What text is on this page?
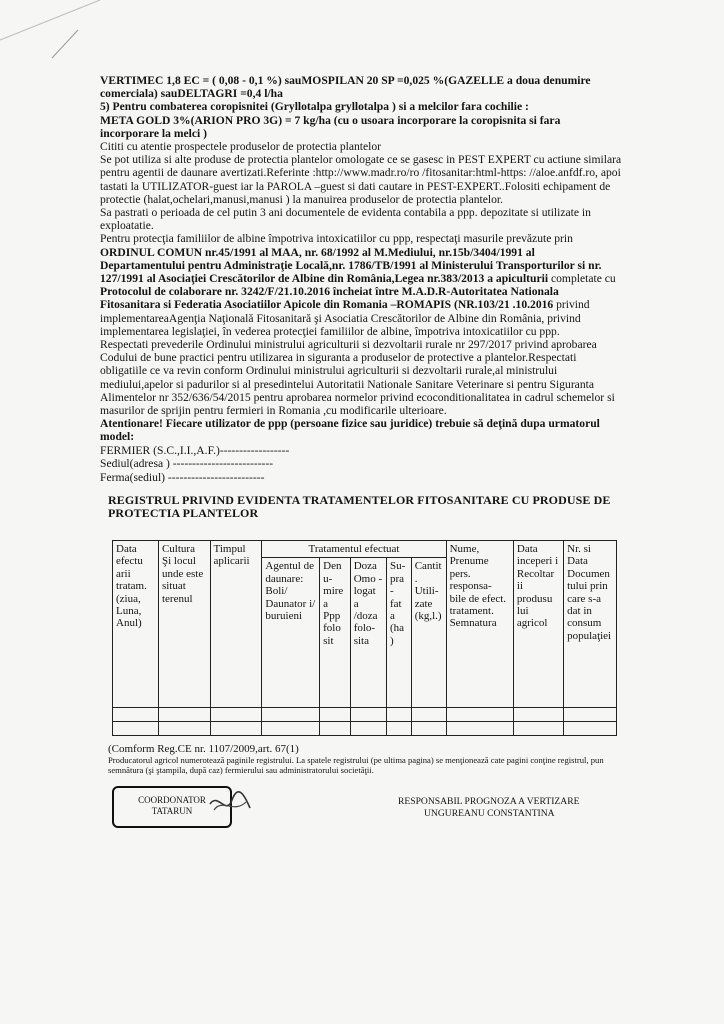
VERTIMEC 1,8 EC = ( 0,08 - 0,1 %) sauMOSPILAN 20 SP =0,025 %(GAZELLE a doua denumire comerciala) sauDELTAGRI =0,4 l/ha

5) Pentru combaterea coropisnitei (Gryllotalpa gryllotalpa ) si a melcilor fara cochilie :

META GOLD 3%(ARION PRO 3G) = 7 kg/ha (cu o usoara incorporare la coropisnita si fara incorporare la melci )

Cititi cu atentie prospectele produselor de protectia plantelor

Se pot utiliza si alte produse de protectia plantelor omologate ce se gasesc in PEST EXPERT cu actiune similara pentru agentii de daunare avertizati.Referinte :http://www.madr.ro/ro /fitosanitar:html-https: //aloe.anfdf.ro, apoi tastati la UTILIZATOR-guest iar la PAROLA –guest si dati cautare in PEST-EXPERT..Folositi echipament de protectie (halat,ochelari,manusi,manusi ) la manuirea produselor de protectia plantelor.

Sa pastrati o perioada de cel putin 3 ani documentele de evidenta contabila a ppp. depozitate si utilizate in exploatatie.

Pentru protecţia familiilor de albine împotriva intoxicatiilor cu ppp, respectaţi masurile prevăzute prin ORDINUL COMUN nr.45/1991 al MAA, nr. 68/1992 al M.Mediului, nr.15b/3404/1991 al Departamentului pentru Administraţie Locală,nr. 1786/TB/1991 al Ministerului Transporturilor si nr. 127/1991 al Asociaţiei Crescătorilor de Albine din România,Legea nr.383/2013 a apiculturii completate cu Protocolul de colaborare nr. 3242/F/21.10.2016 încheiat între M.A.D.R-Autoritatea Nationala Fitosanitara si Federatia Asociatiilor Apicole din Romania –ROMAPIS (NR.103/21 .10.2016 privind implementareaAgenţia Naţională Fitosanitară şi Asociatia Crescătorilor de Albine din România, privind implementarea legislaţiei, în vederea protecţiei familiilor de albine, împotriva intoxicatiilor cu ppp.

Respectati prevederile Ordinului ministrului agriculturii si dezvoltarii rurale nr 297/2017 privind aprobarea Codului de bune practici pentru utilizarea in siguranta a produselor de protective a plantelor.Respectati obligatiile ce va revin conform Ordinului ministrului agriculturii si dezvoltarii rurale,al ministrului mediului,apelor si padurilor si al presedintelui Autoritatii Nationale Sanitare Veterinare si pentru Siguranta Alimentelor nr 352/636/54/2015 pentru aprobarea normelor privind ecoconditionalitatea in cadrul schemelor si masurilor de sprijin pentru fermieri in Romania ,cu modificarile ulterioare.

Atentionare! Fiecare utilizator de ppp (persoane fizice sau juridice) trebuie să deţină dupa urmatorul model:

FERMIER (S.C.,I.I.,A.F.)------------------

Sediul(adresa ) --------------------------

Ferma(sediul) -------------------------

REGISTRUL PRIVIND EVIDENTA TRATAMENTELOR FITOSANITARE CU PRODUSE DE PROTECTIA PLANTELOR

Data efectu arii tratam. (ziua, Luna, Anul)	Cultura Şi locul unde este situat terenul	Timpul aplicarii	Tratamentul efectuat					Nume, Prenume pers. responsa- bile de efect. tratament. Semnatura	Data inceperi i Recoltar ii produsu lui agricol	Nr. si Data Documen tului prin care s-a dat in consum populaţiei
			Agentul de daunare: Boli/ Daunator i/ buruieni	Den u- mire a Ppp folo sit	Doza Omo - logat a /doza folo- sita	Su- pra - fat a (ha )	Cantit . Utili- zate (kg,l.)			

(Comform Reg.CE nr. 1107/2009,art. 67(1)

Producatorul agricol numerotează paginile registrului. La spatele registrului (pe ultima pagina) se menţionează cate pagini conţine registrul, pun semnătura (şi ştampila, după caz) fermierului sau administratorului societăţii.

COORDONATOR
TATARUN
RESPONSABIL PROGNOZA A VERTIZARE
UNGUREANU CONSTANTINA
